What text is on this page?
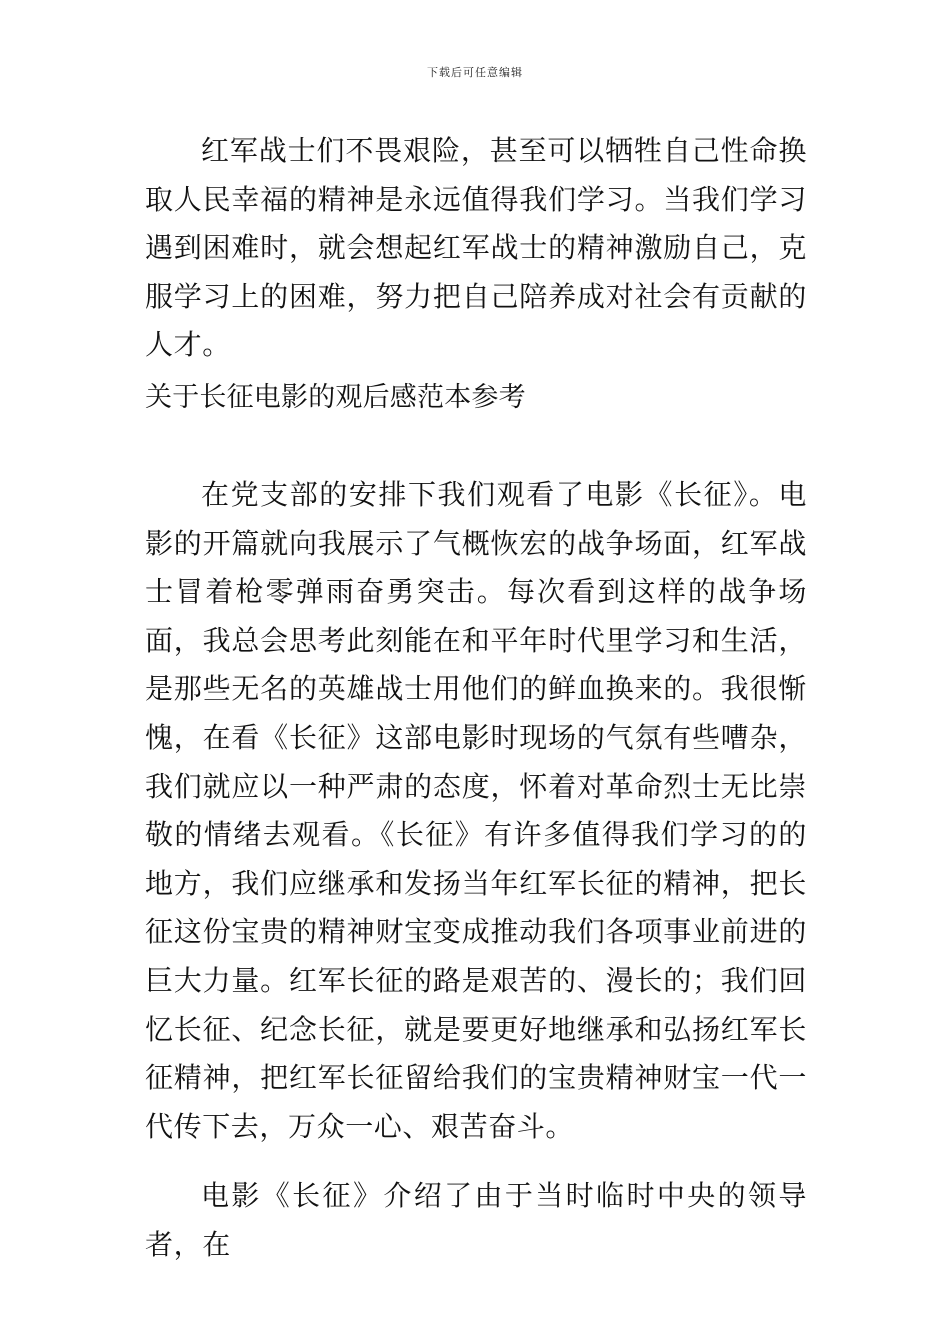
下载后可任意编辑

红军战士们不畏艰险，甚至可以牺牲自己性命换取人民幸福的精神是永远值得我们学习。当我们学习遇到困难时，就会想起红军战士的精神激励自己，克服学习上的困难，努力把自己陪养成对社会有贡献的人才。

关于长征电影的观后感范本参考

在党支部的安排下我们观看了电影《长征》。电影的开篇就向我展示了气概恢宏的战争场面，红军战士冒着枪零弹雨奋勇突击。每次看到这样的战争场面，我总会思考此刻能在和平年时代里学习和生活，是那些无名的英雄战士用他们的鲜血换来的。我很惭愧，在看《长征》这部电影时现场的气氛有些嘈杂，我们就应以一种严肃的态度，怀着对革命烈士无比崇敬的情绪去观看。《长征》有许多值得我们学习的的地方，我们应继承和发扬当年红军长征的精神，把长征这份宝贵的精神财宝变成推动我们各项事业前进的巨大力量。红军长征的路是艰苦的、漫长的；我们回忆长征、纪念长征，就是要更好地继承和弘扬红军长征精神，把红军长征留给我们的宝贵精神财宝一代一代传下去，万众一心、艰苦奋斗。

电影《长征》介绍了由于当时临时中央的领导者，在
